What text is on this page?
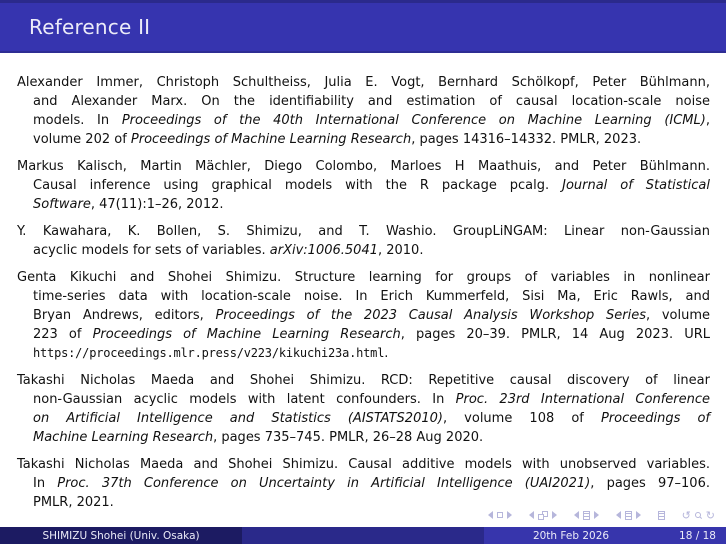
Reference II
Alexander Immer, Christoph Schultheiss, Julia E. Vogt, Bernhard Schölkopf, Peter Bühlmann,
and Alexander Marx. On the identifiability and estimation of causal location-scale noise
models. In Proceedings of the 40th International Conference on Machine Learning (ICML),
volume 202 of Proceedings of Machine Learning Research, pages 14316–14332. PMLR, 2023.
Markus Kalisch, Martin Mächler, Diego Colombo, Marloes H Maathuis, and Peter Bühlmann.
Causal inference using graphical models with the R package pcalg. Journal of Statistical
Software, 47(11):1–26, 2012.
Y. Kawahara, K. Bollen, S. Shimizu, and T. Washio. GroupLiNGAM: Linear non-Gaussian
acyclic models for sets of variables. arXiv:1006.5041, 2010.
Genta Kikuchi and Shohei Shimizu. Structure learning for groups of variables in nonlinear
time-series data with location-scale noise. In Erich Kummerfeld, Sisi Ma, Eric Rawls, and
Bryan Andrews, editors, Proceedings of the 2023 Causal Analysis Workshop Series, volume
223 of Proceedings of Machine Learning Research, pages 20–39. PMLR, 14 Aug 2023. URL
https://proceedings.mlr.press/v223/kikuchi23a.html.
Takashi Nicholas Maeda and Shohei Shimizu. RCD: Repetitive causal discovery of linear
non-Gaussian acyclic models with latent confounders. In Proc. 23rd International Conference
on Artificial Intelligence and Statistics (AISTATS2010), volume 108 of Proceedings of
Machine Learning Research, pages 735–745. PMLR, 26–28 Aug 2020.
Takashi Nicholas Maeda and Shohei Shimizu. Causal additive models with unobserved variables.
In Proc. 37th Conference on Uncertainty in Artificial Intelligence (UAI2021), pages 97–106.
PMLR, 2021.
↺ ↻
SHIMIZU Shohei (Univ. Osaka)	20th Feb 2026	18 / 18
